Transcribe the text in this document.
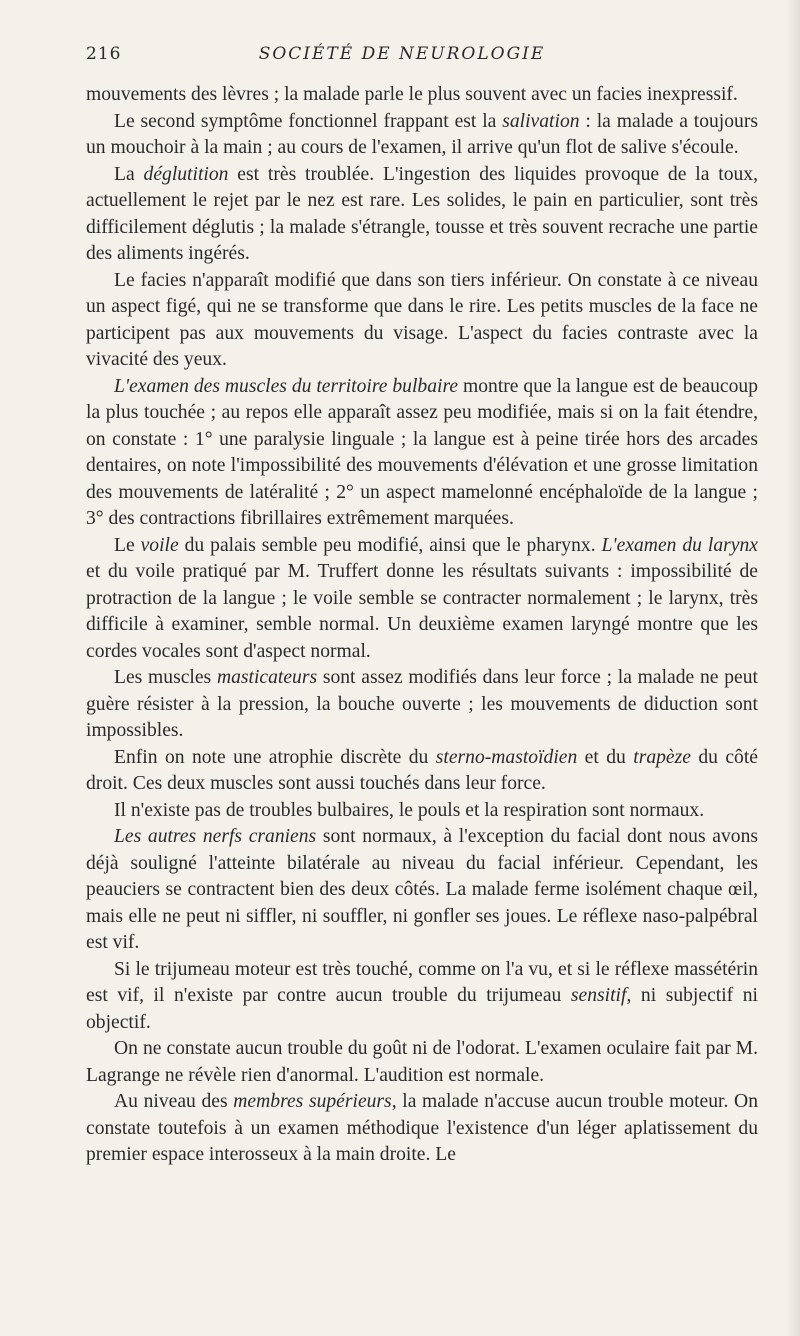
216	SOCIÉTÉ DE NEUROLOGIE

mouvements des lèvres ; la malade parle le plus souvent avec un facies inexpressif.

Le second symptôme fonctionnel frappant est la salivation : la malade a toujours un mouchoir à la main ; au cours de l'examen, il arrive qu'un flot de salive s'écoule.

La déglutition est très troublée. L'ingestion des liquides provoque de la toux, actuellement le rejet par le nez est rare. Les solides, le pain en particulier, sont très difficilement déglutis ; la malade s'étrangle, tousse et très souvent recrache une partie des aliments ingérés.

Le facies n'apparaît modifié que dans son tiers inférieur. On constate à ce niveau un aspect figé, qui ne se transforme que dans le rire. Les petits muscles de la face ne participent pas aux mouvements du visage. L'aspect du facies contraste avec la vivacité des yeux.

L'examen des muscles du territoire bulbaire montre que la langue est de beaucoup la plus touchée ; au repos elle apparaît assez peu modifiée, mais si on la fait étendre, on constate : 1° une paralysie linguale ; la langue est à peine tirée hors des arcades dentaires, on note l'impossibilité des mouvements d'élévation et une grosse limitation des mouvements de latéralité ; 2° un aspect mamelonné encéphaloïde de la langue ; 3° des contractions fibrillaires extrêmement marquées.

Le voile du palais semble peu modifié, ainsi que le pharynx. L'examen du larynx et du voile pratiqué par M. Truffert donne les résultats suivants : impossibilité de protraction de la langue ; le voile semble se contracter normalement ; le larynx, très difficile à examiner, semble normal. Un deuxième examen laryngé montre que les cordes vocales sont d'aspect normal.

Les muscles masticateurs sont assez modifiés dans leur force ; la malade ne peut guère résister à la pression, la bouche ouverte ; les mouvements de diduction sont impossibles.

Enfin on note une atrophie discrète du sterno-mastoïdien et du trapèze du côté droit. Ces deux muscles sont aussi touchés dans leur force.

Il n'existe pas de troubles bulbaires, le pouls et la respiration sont normaux.

Les autres nerfs craniens sont normaux, à l'exception du facial dont nous avons déjà souligné l'atteinte bilatérale au niveau du facial inférieur. Cependant, les peauciers se contractent bien des deux côtés. La malade ferme isolément chaque œil, mais elle ne peut ni siffler, ni souffler, ni gonfler ses joues. Le réflexe naso-palpébral est vif.

Si le trijumeau moteur est très touché, comme on l'a vu, et si le réflexe massétérin est vif, il n'existe par contre aucun trouble du trijumeau sensitif, ni subjectif ni objectif.

On ne constate aucun trouble du goût ni de l'odorat. L'examen oculaire fait par M. Lagrange ne révèle rien d'anormal. L'audition est normale.

Au niveau des membres supérieurs, la malade n'accuse aucun trouble moteur. On constate toutefois à un examen méthodique l'existence d'un léger aplatissement du premier espace interosseux à la main droite. Le
